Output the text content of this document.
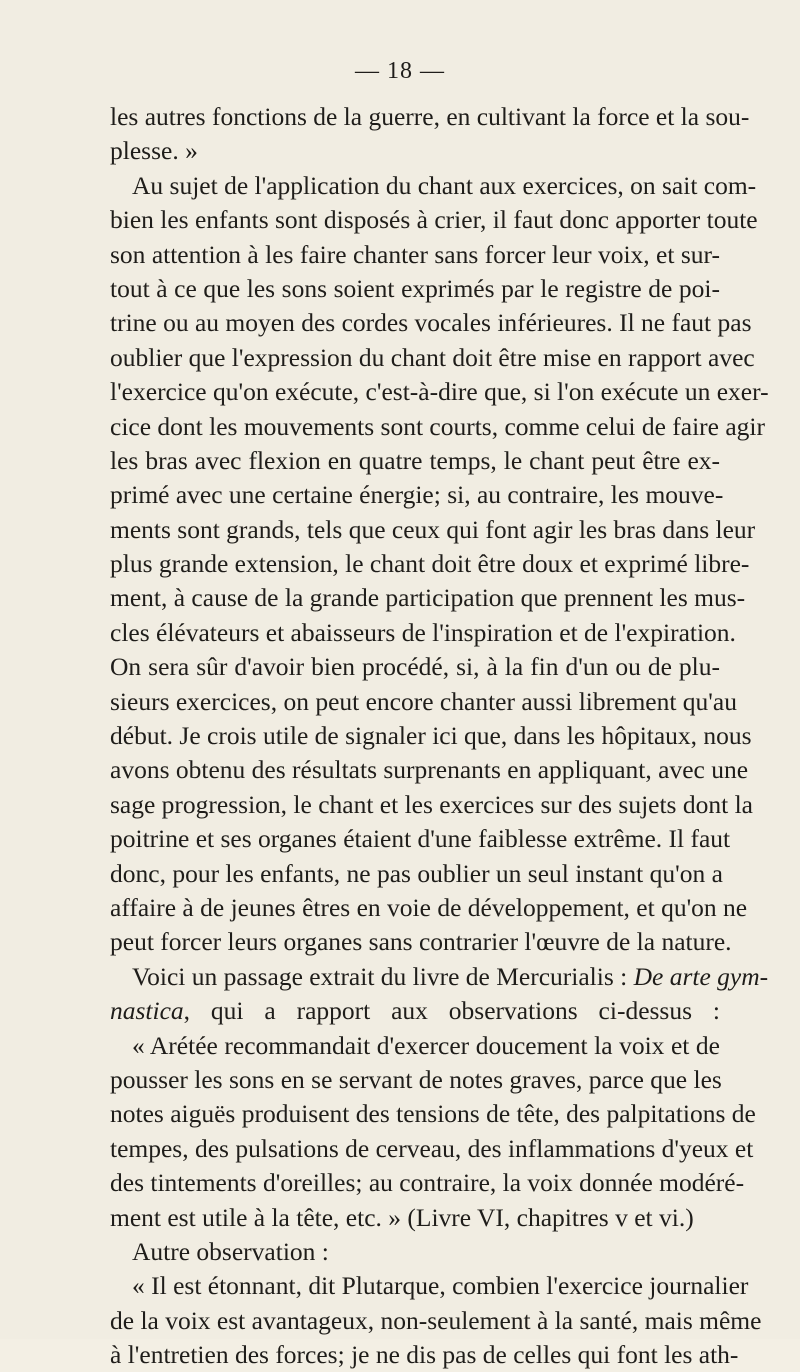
— 18 —
les autres fonctions de la guerre, en cultivant la force et la sou-
plesse. »
Au sujet de l'application du chant aux exercices, on sait com-
bien les enfants sont disposés à crier, il faut donc apporter toute
son attention à les faire chanter sans forcer leur voix, et sur-
tout à ce que les sons soient exprimés par le registre de poi-
trine ou au moyen des cordes vocales inférieures. Il ne faut pas
oublier que l'expression du chant doit être mise en rapport avec
l'exercice qu'on exécute, c'est-à-dire que, si l'on exécute un exer-
cice dont les mouvements sont courts, comme celui de faire agir
les bras avec flexion en quatre temps, le chant peut être ex-
primé avec une certaine énergie; si, au contraire, les mouve-
ments sont grands, tels que ceux qui font agir les bras dans leur
plus grande extension, le chant doit être doux et exprimé libre-
ment, à cause de la grande participation que prennent les mus-
cles élévateurs et abaisseurs de l'inspiration et de l'expiration.
On sera sûr d'avoir bien procédé, si, à la fin d'un ou de plu-
sieurs exercices, on peut encore chanter aussi librement qu'au
début. Je crois utile de signaler ici que, dans les hôpitaux, nous
avons obtenu des résultats surprenants en appliquant, avec une
sage progression, le chant et les exercices sur des sujets dont la
poitrine et ses organes étaient d'une faiblesse extrême. Il faut
donc, pour les enfants, ne pas oublier un seul instant qu'on a
affaire à de jeunes êtres en voie de développement, et qu'on ne
peut forcer leurs organes sans contrarier l'œuvre de la nature.
Voici un passage extrait du livre de Mercurialis : De arte gym-
nastica, qui a rapport aux observations ci-dessus :
« Arétée recommandait d'exercer doucement la voix et de
pousser les sons en se servant de notes graves, parce que les
notes aiguës produisent des tensions de tête, des palpitations de
tempes, des pulsations de cerveau, des inflammations d'yeux et
des tintements d'oreilles; au contraire, la voix donnée modéré-
ment est utile à la tête, etc. » (Livre VI, chapitres v et vi.)
Autre observation :
« Il est étonnant, dit Plutarque, combien l'exercice journalier
de la voix est avantageux, non-seulement à la santé, mais même
à l'entretien des forces; je ne dis pas de celles qui font les ath-
